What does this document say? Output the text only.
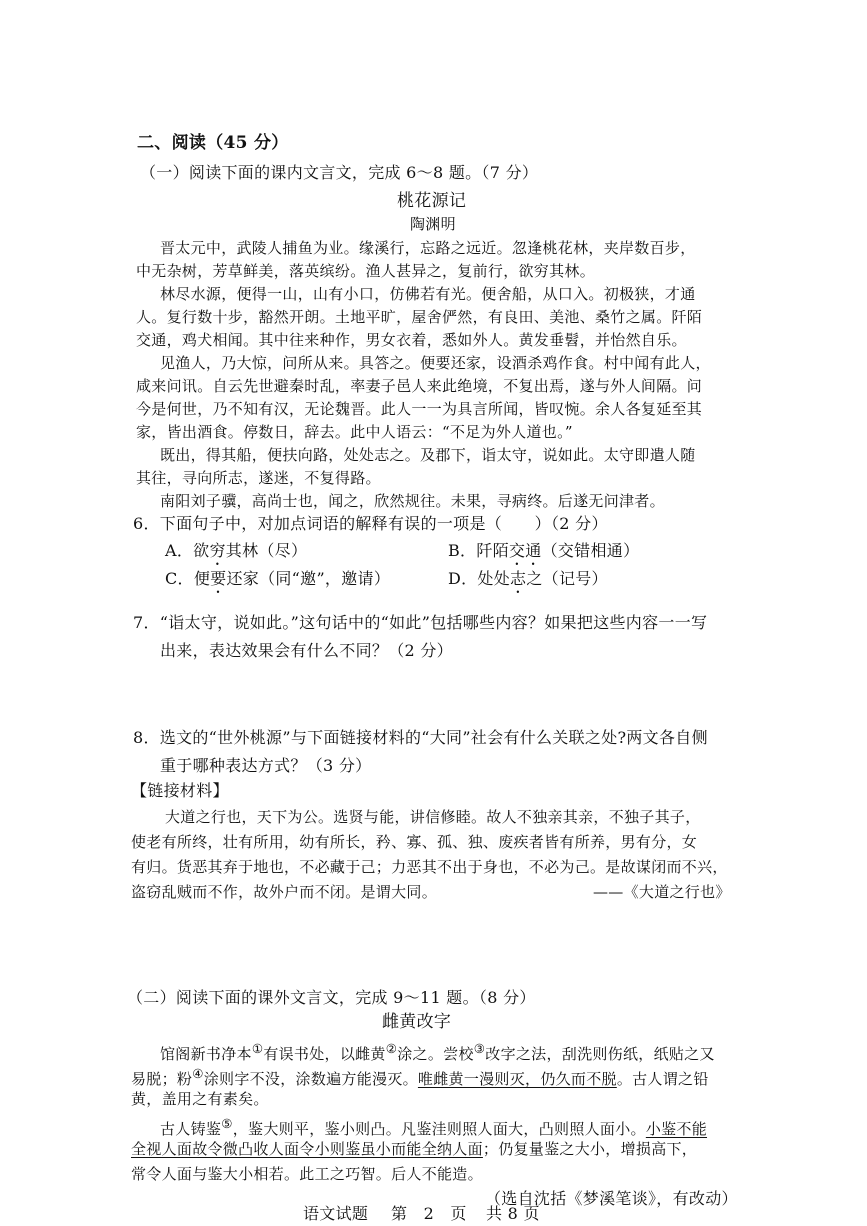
二、阅读（45 分）
（一）阅读下面的课内文言文，完成 6～8 题。（7 分）
桃花源记
陶渊明
晋太元中，武陵人捕鱼为业。缘溪行，忘路之远近。忽逢桃花林，夹岸数百步，
中无杂树，芳草鲜美，落英缤纷。渔人甚异之，复前行，欲穷其林。
林尽水源，便得一山，山有小口，仿佛若有光。便舍船，从口入。初极狭，才通
人。复行数十步，豁然开朗。土地平旷，屋舍俨然，有良田、美池、桑竹之属。阡陌
交通，鸡犬相闻。其中往来种作，男女衣着，悉如外人。黄发垂髫，并怡然自乐。
见渔人，乃大惊，问所从来。具答之。便要还家，设酒杀鸡作食。村中闻有此人，
咸来问讯。自云先世避秦时乱，率妻子邑人来此绝境，不复出焉，遂与外人间隔。问
今是何世，乃不知有汉，无论魏晋。此人一一为具言所闻，皆叹惋。余人各复延至其
家，皆出酒食。停数日，辞去。此中人语云：“不足为外人道也。”
既出，得其船，便扶向路，处处志之。及郡下，诣太守，说如此。太守即遣人随
其往，寻向所志，遂迷，不复得路。
南阳刘子骥，高尚士也，闻之，欣然规往。未果，寻病终。后遂无问津者。
6．下面句子中，对加点词语的解释有误的一项是（　　）（2 分）
A．欲穷其林（尽）	B．阡陌交通（交错相通）
C．便要还家（同“邀”，邀请）	D．处处志之（记号）
7．“诣太守，说如此。”这句话中的“如此”包括哪些内容？如果把这些内容一一写
出来，表达效果会有什么不同？（2 分）
8．选文的“世外桃源”与下面链接材料的“大同”社会有什么关联之处?两文各自侧
重于哪种表达方式？（3 分）
【链接材料】
大道之行也，天下为公。选贤与能，讲信修睦。故人不独亲其亲，不独子其子，
使老有所终，壮有所用，幼有所长，矜、寡、孤、独、废疾者皆有所养，男有分，女
有归。货恶其弃于地也，不必藏于己；力恶其不出于身也，不必为己。是故谋闭而不兴，
盗窃乱贼而不作，故外户而不闭。是谓大同。	——《大道之行也》
（二）阅读下面的课外文言文，完成 9～11 题。（8 分）
雌黄改字
馆阁新书净本①有误书处，以雌黄②涂之。尝校③改字之法，刮洗则伤纸，纸贴之又
易脱；粉④涂则字不没，涂数遍方能漫灭。唯雌黄一漫则灭，仍久而不脱。古人谓之铅
黄，盖用之有素矣。
古人铸鉴⑤，鉴大则平，鉴小则凸。凡鉴洼则照人面大，凸则照人面小。小鉴不能
全视人面故令微凸收人面令小则鉴虽小而能全纳人面；仍复量鉴之大小，增损高下，
常令人面与鉴大小相若。此工之巧智。后人不能造。
（选自沈括《梦溪笔谈》，有改动）
语文试题 第　2　页 共 8 页
